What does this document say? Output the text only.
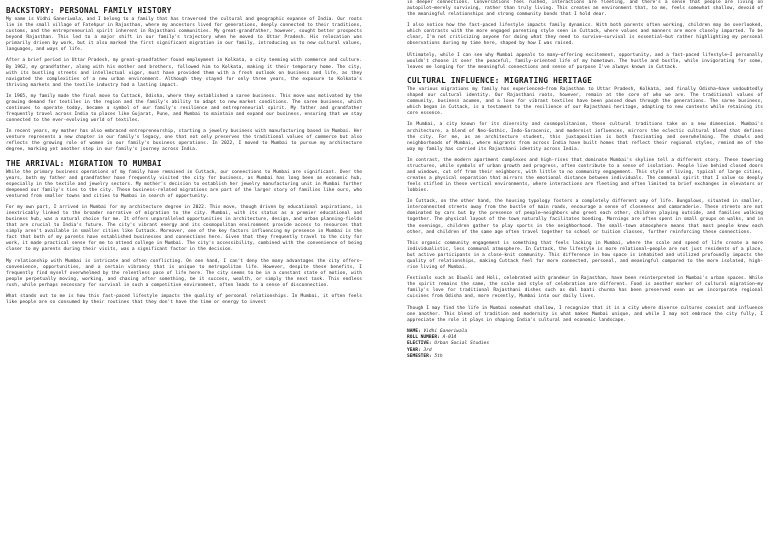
BACKSTORY: PERSONAL FAMILY HISTORY

My name is Vidhi Ganeriwala, and I belong to a family that has traversed the cultural and geographic expanse of India. Our roots lie in the small village of Fatehpur in Rajasthan, where my ancestors lived for generations, deeply connected to their traditions, customs, and the entrepreneurial spirit inherent in Rajasthani communities. My great-grandfather, however, sought better prospects beyond Rajasthan. This led to a major shift in our family's trajectory when he moved to Uttar Pradesh. His relocation was primarily driven by work, but it also marked the first significant migration in our family, introducing us to new cultural values, languages, and ways of life.

After a brief period in Uttar Pradesh, my great-grandfather found employment in Kolkata, a city teeming with commerce and culture. By 1962, my grandfather, along with his mother and brothers, followed him to Kolkata, making it their temporary home. The city, with its bustling streets and intellectual vigor, must have provided them with a fresh outlook on business and life, as they navigated the complexities of a new urban environment. Although they stayed for only three years, the exposure to Kolkata's thriving markets and the textile industry had a lasting impact.

In 1965, my family made the final move to Cuttack, Odisha, where they established a saree business. This move was motivated by the growing demand for textiles in the region and the family's ability to adapt to new market conditions. The saree business, which continues to operate today, became a symbol of our family's resilience and entrepreneurial spirit. My father and grandfather frequently travel across India to places like Gujarat, Pune, and Mumbai to maintain and expand our business, ensuring that we stay connected to the ever-evolving world of textiles.

In recent years, my mother has also embraced entrepreneurship, starting a jewelry business with manufacturing based in Mumbai. Her venture represents a new chapter in our family's legacy, one that not only preserves the traditional values of commerce but also reflects the growing role of women in our family's business operations. In 2022, I moved to Mumbai to pursue my architecture degree, marking yet another step in our family's journey across India.

THE ARRIVAL: MIGRATION TO MUMBAI

While the primary business operations of my family have remained in Cuttack, our connections to Mumbai are significant. Over the years, both my father and grandfather have frequently visited the city for business, as Mumbai has long been an economic hub, especially in the textile and jewelry sectors. My mother's decision to establish her jewelry manufacturing unit in Mumbai further deepened our family's ties to the city. These business-related migrations are part of the larger story of families like ours, who ventured from smaller towns and cities to Mumbai in search of opportunity.

For my own part, I arrived in Mumbai for my architecture degree in 2022. This move, though driven by educational aspirations, is inextricably linked to the broader narrative of migration to the city. Mumbai, with its status as a premier educational and business hub, was a natural choice for me. It offers unparalleled opportunities in architecture, design, and urban planning-fields that are crucial to India's future. The city's vibrant energy and its cosmopolitan environment provide access to resources that simply aren't available in smaller cities like Cuttack. Moreover, one of the key factors influencing my presence in Mumbai is the fact that both of my parents have established businesses and connections here. Given that they frequently travel to the city for work, it made practical sense for me to attend college in Mumbai. The city's accessibility, combined with the convenience of being closer to my parents during their visits, was a significant factor in the decision.

My relationship with Mumbai is intricate and often conflicting. On one hand, I can't deny the many advantages the city offers—convenience, opportunities, and a certain vibrancy that is unique to metropolitan life. However, despite these benefits, I frequently find myself overwhelmed by the relentless pace of life here. The city seems to be in a constant state of motion, with people perpetually moving, working, and chasing after something, be it success, wealth, or simply the next task. This endless rush, while perhaps necessary for survival in such a competitive environment, often leads to a sense of disconnection.

What stands out to me is how this fast-paced lifestyle impacts the quality of personal relationships. In Mumbai, it often feels like people are so consumed by their routines that they don't have the time or energy to invest

in deeper connections. Conversations feel rushed, interactions are fleeting, and there's a sense that people are living on autopilot—merely surviving, rather than truly living. This creates an environment that, to me, feels somewhat shallow, devoid of the meaningful relationships and strong community bonds that I hold dear.

I also notice how the fast-paced lifestyle impacts family dynamics. With both parents often working, children may be overlooked, which contrasts with the more engaged parenting style seen in Cuttack, where values and manners are more closely imparted. To be clear, I'm not criticizing anyone for doing what they need to survive—survival is essential—but rather highlighting my personal observations during my time here, shaped by how I was raised.

Ultimately, while I can see why Mumbai appeals to many—offering excitement, opportunity, and a fast-paced lifestyle—I personally wouldn't choose it over the peaceful, family-oriented life of my hometown. The hustle and bustle, while invigorating for some, leaves me longing for the meaningful connections and sense of purpose I've always known in Cuttack.

CULTURAL INFLUENCE: MIGRATING HERITAGE

The various migrations my family has experienced—from Rajasthan to Uttar Pradesh, Kolkata, and finally Odisha—have undoubtedly shaped our cultural identity. Our Rajasthani roots, however, remain at the core of who we are. The traditional values of community, business acumen, and a love for vibrant textiles have been passed down through the generations. The saree business, which began in Cuttack, is a testament to the resilience of our Rajasthani heritage, adapting to new contexts while retaining its core essence.

In Mumbai, a city known for its diversity and cosmopolitanism, these cultural traditions take on a new dimension. Mumbai's architecture, a blend of Neo-Gothic, Indo-Saracenic, and modernist influences, mirrors the eclectic cultural blend that defines the city. For me, as an architecture student, this juxtaposition is both fascinating and overwhelming. The chawls and neighborhoods of Mumbai, where migrants from across India have built homes that reflect their regional styles, remind me of the way my family has carried its Rajasthani identity across India.

In contrast, the modern apartment complexes and high-rises that dominate Mumbai's skyline tell a different story. These towering structures, while symbols of urban growth and progress, often contribute to a sense of isolation. People live behind closed doors and windows, cut off from their neighbors, with little to no community engagement. This style of living, typical of large cities, creates a physical separation that mirrors the emotional distance between individuals. The communal spirit that I value so deeply feels stifled in these vertical environments, where interactions are fleeting and often limited to brief exchanges in elevators or lobbies.

In Cuttack, on the other hand, the housing typology fosters a completely different way of life. Bungalows, situated in smaller, interconnected streets away from the bustle of main roads, encourage a sense of closeness and camaraderie. These streets are not dominated by cars but by the presence of people—neighbors who greet each other, children playing outside, and families walking together. The physical layout of the town naturally facilitates bonding. Mornings are often spent in small groups on walks, and in the evenings, children gather to play sports in the neighborhood. The small-town atmosphere means that most people know each other, and children of the same age often travel together to school or tuition classes, further reinforcing these connections.

This organic community engagement is something that feels lacking in Mumbai, where the scale and speed of life create a more individualistic, less communal atmosphere. In Cuttack, the lifestyle is more relational—people are not just residents of a place, but active participants in a close-knit community. This difference in how space is inhabited and utilized profoundly impacts the quality of relationships, making Cuttack feel far more connected, personal, and meaningful compared to the more isolated, high-rise living of Mumbai.

Festivals such as Diwali and Holi, celebrated with grandeur in Rajasthan, have been reinterpreted in Mumbai's urban spaces. While the spirit remains the same, the scale and style of celebration are different. Food is another marker of cultural migration—my family's love for traditional Rajasthani dishes such as dal baati churma has been preserved even as we incorporate regional cuisines from Odisha and, more recently, Mumbai into our daily lives.

Though I may find the life in Mumbai somewhat shallow, I recognize that it is a city where diverse cultures coexist and influence one another. This blend of tradition and modernity is what makes Mumbai unique, and while I may not embrace the city fully, I appreciate the role it plays in shaping India's cultural and economic landscape.

NAME: Vidhi Ganeriwala

ROLL NUMBER: A-014

ELECTIVE: Urban Social Studies

YEAR: 3rd

SEMESTER: 5th
